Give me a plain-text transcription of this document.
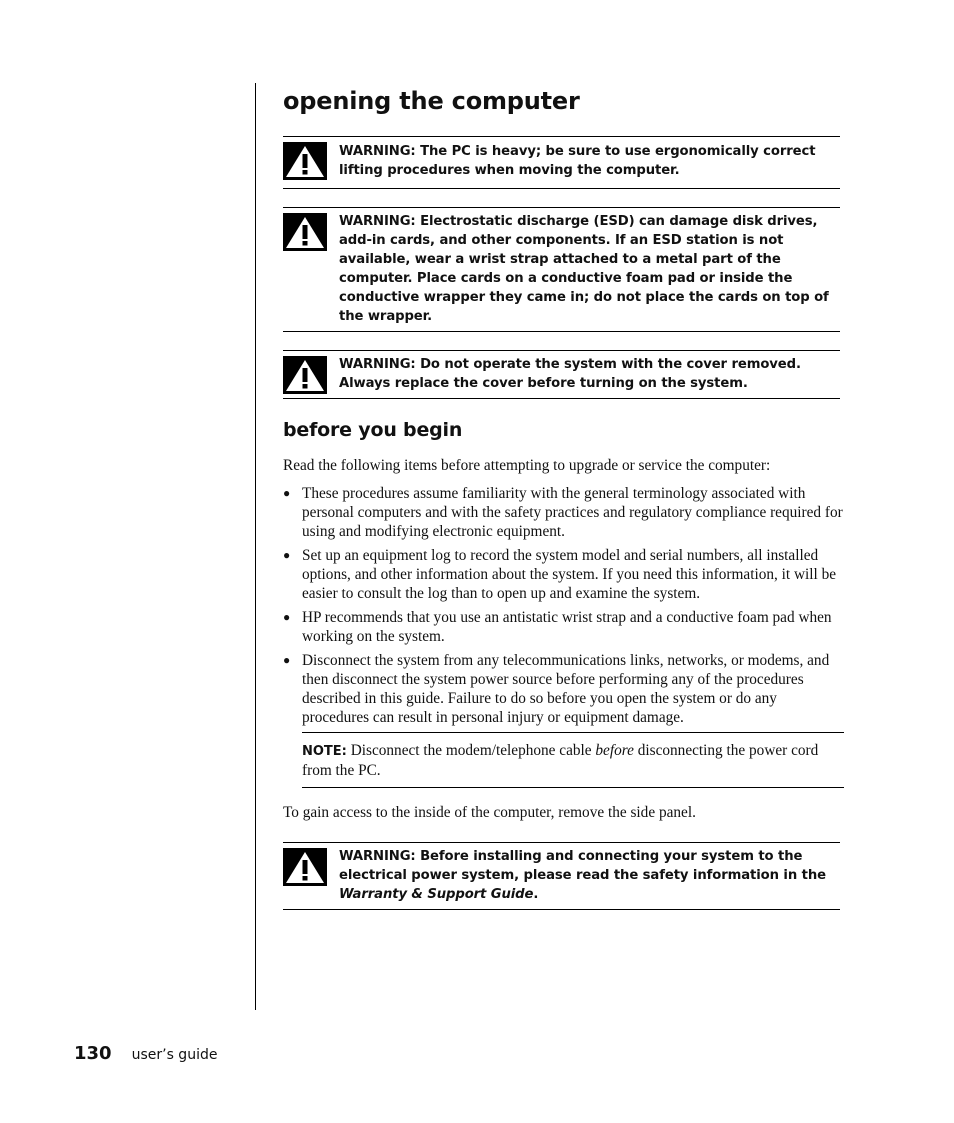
opening the computer
WARNING: The PC is heavy; be sure to use ergonomically correct lifting procedures when moving the computer.
WARNING: Electrostatic discharge (ESD) can damage disk drives, add-in cards, and other components. If an ESD station is not available, wear a wrist strap attached to a metal part of the computer. Place cards on a conductive foam pad or inside the conductive wrapper they came in; do not place the cards on top of the wrapper.
WARNING: Do not operate the system with the cover removed. Always replace the cover before turning on the system.
before you begin

Read the following items before attempting to upgrade or service the computer:

● These procedures assume familiarity with the general terminology associated with personal computers and with the safety practices and regulatory compliance required for using and modifying electronic equipment.
● Set up an equipment log to record the system model and serial numbers, all installed options, and other information about the system. If you need this information, it will be easier to consult the log than to open up and examine the system.
● HP recommends that you use an antistatic wrist strap and a conductive foam pad when working on the system.
● Disconnect the system from any telecommunications links, networks, or modems, and then disconnect the system power source before performing any of the procedures described in this guide. Failure to do so before you open the system or do any procedures can result in personal injury or equipment damage.
NOTE: Disconnect the modem/telephone cable before disconnecting the power cord from the PC.

To gain access to the inside of the computer, remove the side panel.

WARNING: Before installing and connecting your system to the electrical power system, please read the safety information in the Warranty & Support Guide.
130 user’s guide
